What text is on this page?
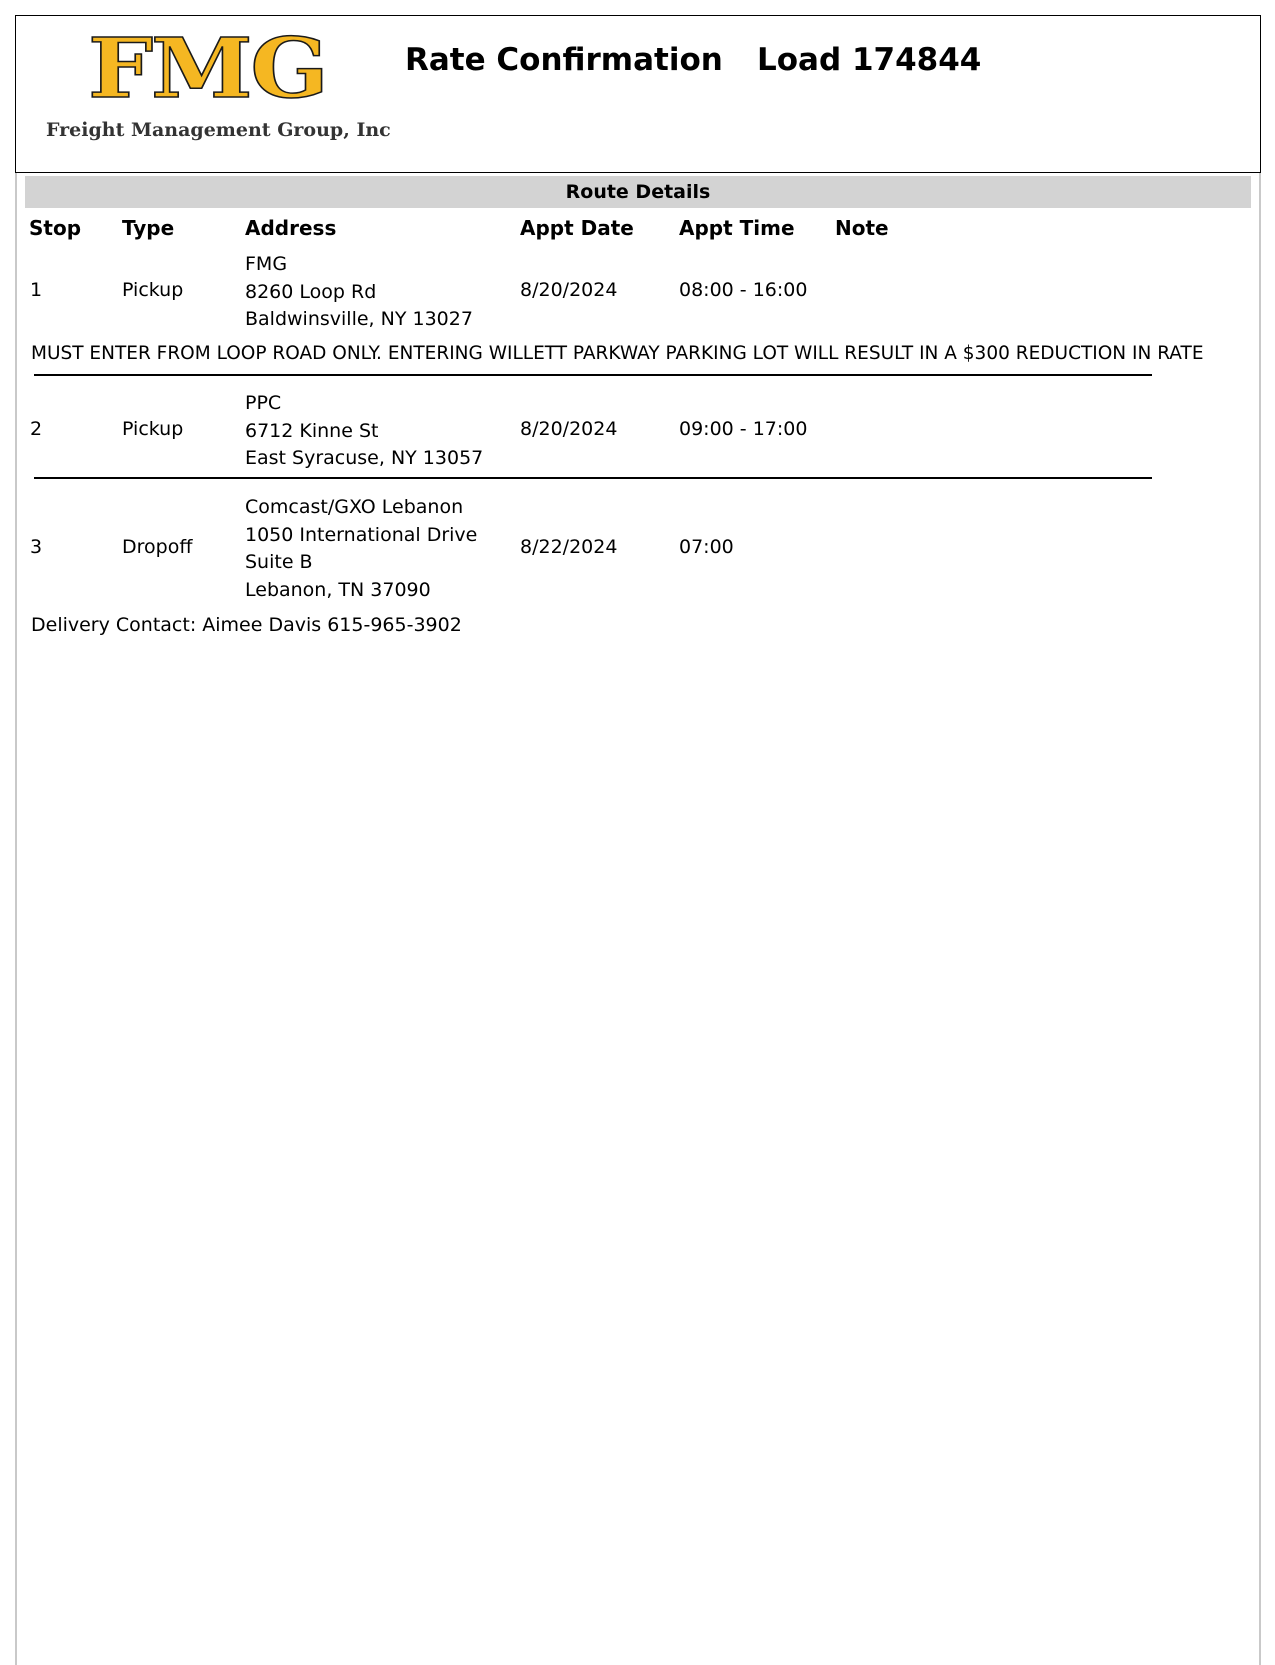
FMG
Freight Management Group, Inc
Rate Confirmation Load 174844
Route Details
Stop Type	Address	Appt Date Appt Time Note
1	Pickup
FMG
8260 Loop Rd
Baldwinsville, NY 13027
8/20/2024	08:00 - 16:00
MUST ENTER FROM LOOP ROAD ONLY. ENTERING WILLETT PARKWAY PARKING LOT WILL RESULT IN A $300 REDUCTION IN RATE
2	Pickup
PPC
6712 Kinne St
East Syracuse, NY 13057
8/20/2024	09:00 - 17:00
3	Dropoff
Comcast/GXO Lebanon
1050 International Drive
Suite B
Lebanon, TN 37090
8/22/2024	07:00
Delivery Contact: Aimee Davis 615-965-3902
